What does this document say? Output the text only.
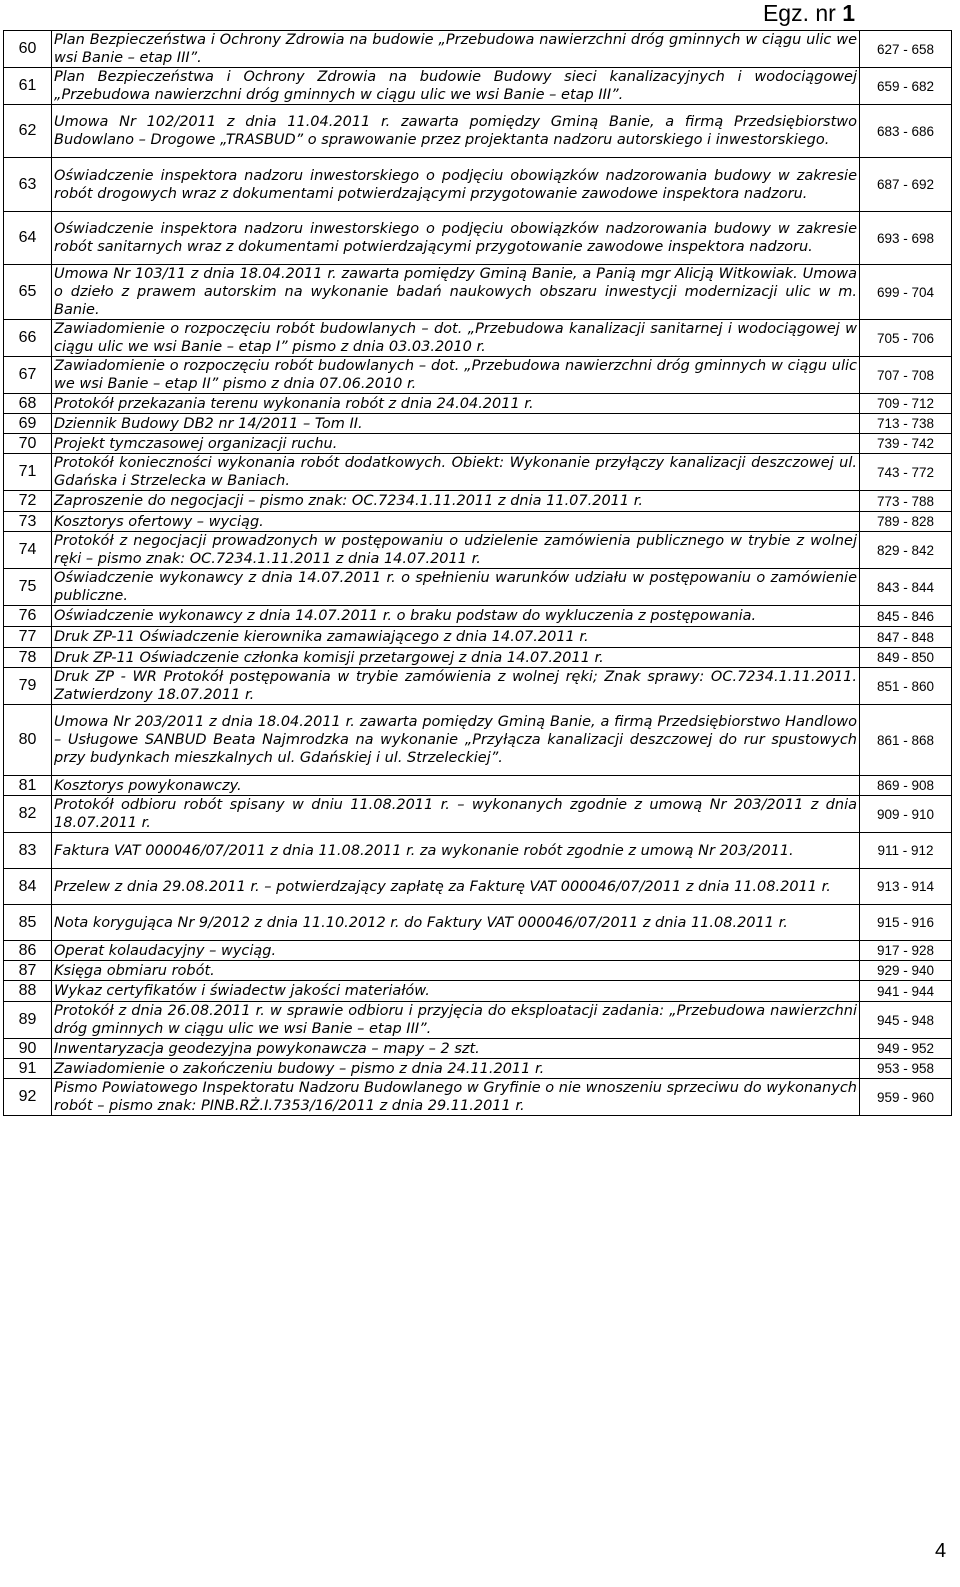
Egz. nr 1
60	Plan Bezpieczeństwa i Ochrony Zdrowia na budowie „Przebudowa nawierzchni dróg gminnych w ciągu ulic we wsi Banie – etap III”.	627 - 658
61	Plan Bezpieczeństwa i Ochrony Zdrowia na budowie Budowy sieci kanalizacyjnych i wodociągowej „Przebudowa nawierzchni dróg gminnych w ciągu ulic we wsi Banie – etap III”.	659 - 682
62	Umowa Nr 102/2011 z dnia 11.04.2011 r. zawarta pomiędzy Gminą Banie, a firmą Przedsiębiorstwo Budowlano – Drogowe „TRASBUD” o sprawowanie przez projektanta nadzoru autorskiego i inwestorskiego.	683 - 686
63	Oświadczenie inspektora nadzoru inwestorskiego o podjęciu obowiązków nadzorowania budowy w zakresie robót drogowych wraz z dokumentami potwierdzającymi przygotowanie zawodowe inspektora nadzoru.	687 - 692
64	Oświadczenie inspektora nadzoru inwestorskiego o podjęciu obowiązków nadzorowania budowy w zakresie robót sanitarnych wraz z dokumentami potwierdzającymi przygotowanie zawodowe inspektora nadzoru.	693 - 698
65	Umowa Nr 103/11 z dnia 18.04.2011 r. zawarta pomiędzy Gminą Banie, a Panią mgr Alicją Witkowiak. Umowa o dzieło z prawem autorskim na wykonanie badań naukowych obszaru inwestycji modernizacji ulic w m. Banie.	699 - 704
66	Zawiadomienie o rozpoczęciu robót budowlanych – dot. „Przebudowa kanalizacji sanitarnej i wodociągowej w ciągu ulic we wsi Banie – etap I” pismo z dnia 03.03.2010 r.	705 - 706
67	Zawiadomienie o rozpoczęciu robót budowlanych – dot. „Przebudowa nawierzchni dróg gminnych w ciągu ulic we wsi Banie – etap II” pismo z dnia 07.06.2010 r.	707 - 708
68	Protokół przekazania terenu wykonania robót z dnia 24.04.2011 r.	709 - 712
69	Dziennik Budowy DB2 nr 14/2011 – Tom II.	713 - 738
70	Projekt tymczasowej organizacji ruchu.	739 - 742
71	Protokół konieczności wykonania robót dodatkowych. Obiekt: Wykonanie przyłączy kanalizacji deszczowej ul. Gdańska i Strzelecka w Baniach.	743 - 772
72	Zaproszenie do negocjacji – pismo znak: OC.7234.1.11.2011 z dnia 11.07.2011 r.	773 - 788
73	Kosztorys ofertowy – wyciąg.	789 - 828
74	Protokół z negocjacji prowadzonych w postępowaniu o udzielenie zamówienia publicznego w trybie z wolnej ręki – pismo znak: OC.7234.1.11.2011 z dnia 14.07.2011 r.	829 - 842
75	Oświadczenie wykonawcy z dnia 14.07.2011 r. o spełnieniu warunków udziału w postępowaniu o zamówienie publiczne.	843 - 844
76	Oświadczenie wykonawcy z dnia 14.07.2011 r. o braku podstaw do wykluczenia z postępowania.	845 - 846
77	Druk ZP-11 Oświadczenie kierownika zamawiającego z dnia 14.07.2011 r.	847 - 848
78	Druk ZP-11 Oświadczenie członka komisji przetargowej z dnia 14.07.2011 r.	849 - 850
79	Druk ZP - WR Protokół postępowania w trybie zamówienia z wolnej ręki; Znak sprawy: OC.7234.1.11.2011. Zatwierdzony 18.07.2011 r.	851 - 860
80	Umowa Nr 203/2011 z dnia 18.04.2011 r. zawarta pomiędzy Gminą Banie, a firmą Przedsiębiorstwo Handlowo – Usługowe SANBUD Beata Najmrodzka na wykonanie „Przyłącza kanalizacji deszczowej do rur spustowych przy budynkach mieszkalnych ul. Gdańskiej i ul. Strzeleckiej”.	861 - 868
81	Kosztorys powykonawczy.	869 - 908
82	Protokół odbioru robót spisany w dniu 11.08.2011 r. – wykonanych zgodnie z umową Nr 203/2011 z dnia 18.07.2011 r.	909 - 910
83	Faktura VAT 000046/07/2011 z dnia 11.08.2011 r. za wykonanie robót zgodnie z umową Nr 203/2011.	911 - 912
84	Przelew z dnia 29.08.2011 r. – potwierdzający zapłatę za Fakturę VAT 000046/07/2011 z dnia 11.08.2011 r.	913 - 914
85	Nota korygująca Nr 9/2012 z dnia 11.10.2012 r. do Faktury VAT 000046/07/2011 z dnia 11.08.2011 r.	915 - 916
86	Operat kolaudacyjny – wyciąg.	917 - 928
87	Księga obmiaru robót.	929 - 940
88	Wykaz certyfikatów i świadectw jakości materiałów.	941 - 944
89	Protokół z dnia 26.08.2011 r. w sprawie odbioru i przyjęcia do eksploatacji zadania: „Przebudowa nawierzchni dróg gminnych w ciągu ulic we wsi Banie – etap III”.	945 - 948
90	Inwentaryzacja geodezyjna powykonawcza – mapy – 2 szt.	949 - 952
91	Zawiadomienie o zakończeniu budowy – pismo z dnia 24.11.2011 r.	953 - 958
92	Pismo Powiatowego Inspektoratu Nadzoru Budowlanego w Gryfinie o nie wnoszeniu sprzeciwu do wykonanych robót – pismo znak: PINB.RŻ.I.7353/16/2011 z dnia 29.11.2011 r.	959 - 960
4
